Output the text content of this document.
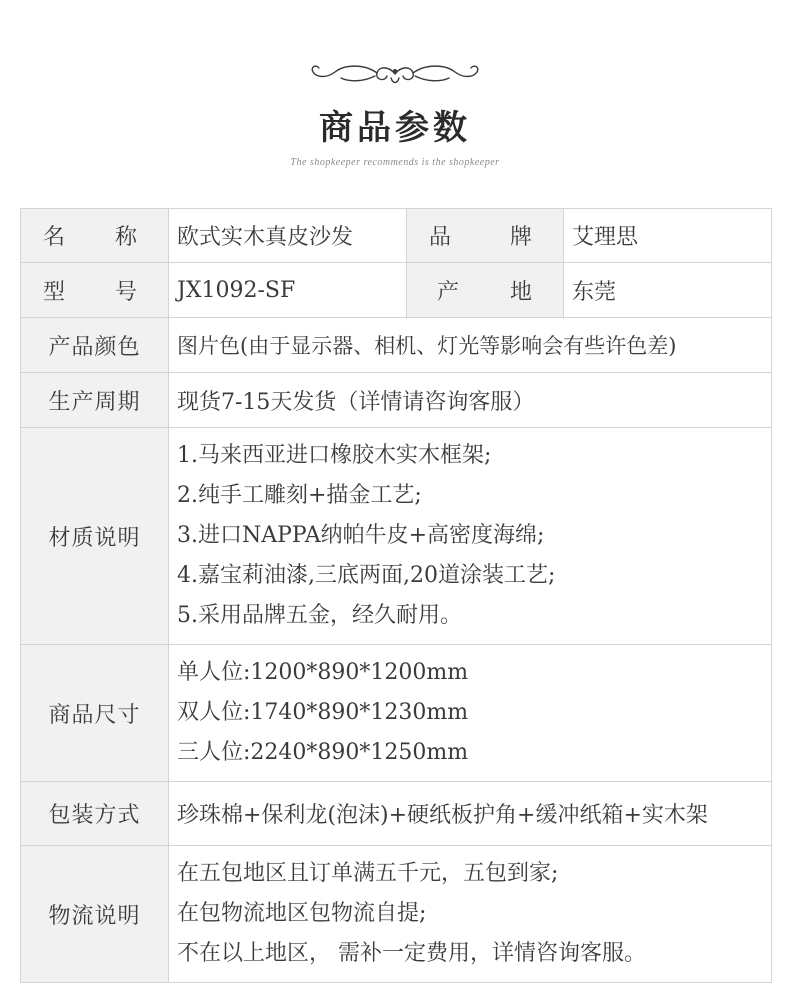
商品参数
The shopkeeper recommends is the shopkeeper
名　　称	欧式实木真皮沙发	品　　牌	艾理思
型　　号	JX1092-SF	产　　地	东莞
产品颜色	图片色(由于显示器、相机、灯光等影响会有些许色差)		
生产周期	现货7-15天发货（详情请咨询客服）		
材质说明	1.马来西亚进口橡胶木实木框架;
2.纯手工雕刻+描金工艺;
3.进口NAPPA纳帕牛皮+高密度海绵;
4.嘉宝莉油漆,三底两面,20道涂装工艺;
5.采用品牌五金，经久耐用。		

商品尺寸	单人位:1200*890*1200mm
双人位:1740*890*1230mm
三人位:2240*890*1250mm		

包装方式	珍珠棉+保利龙(泡沫)+硬纸板护角+缓冲纸箱+实木架		
物流说明	在五包地区且订单满五千元，五包到家;
在包物流地区包物流自提;
不在以上地区， 需补一定费用，详情咨询客服。		
